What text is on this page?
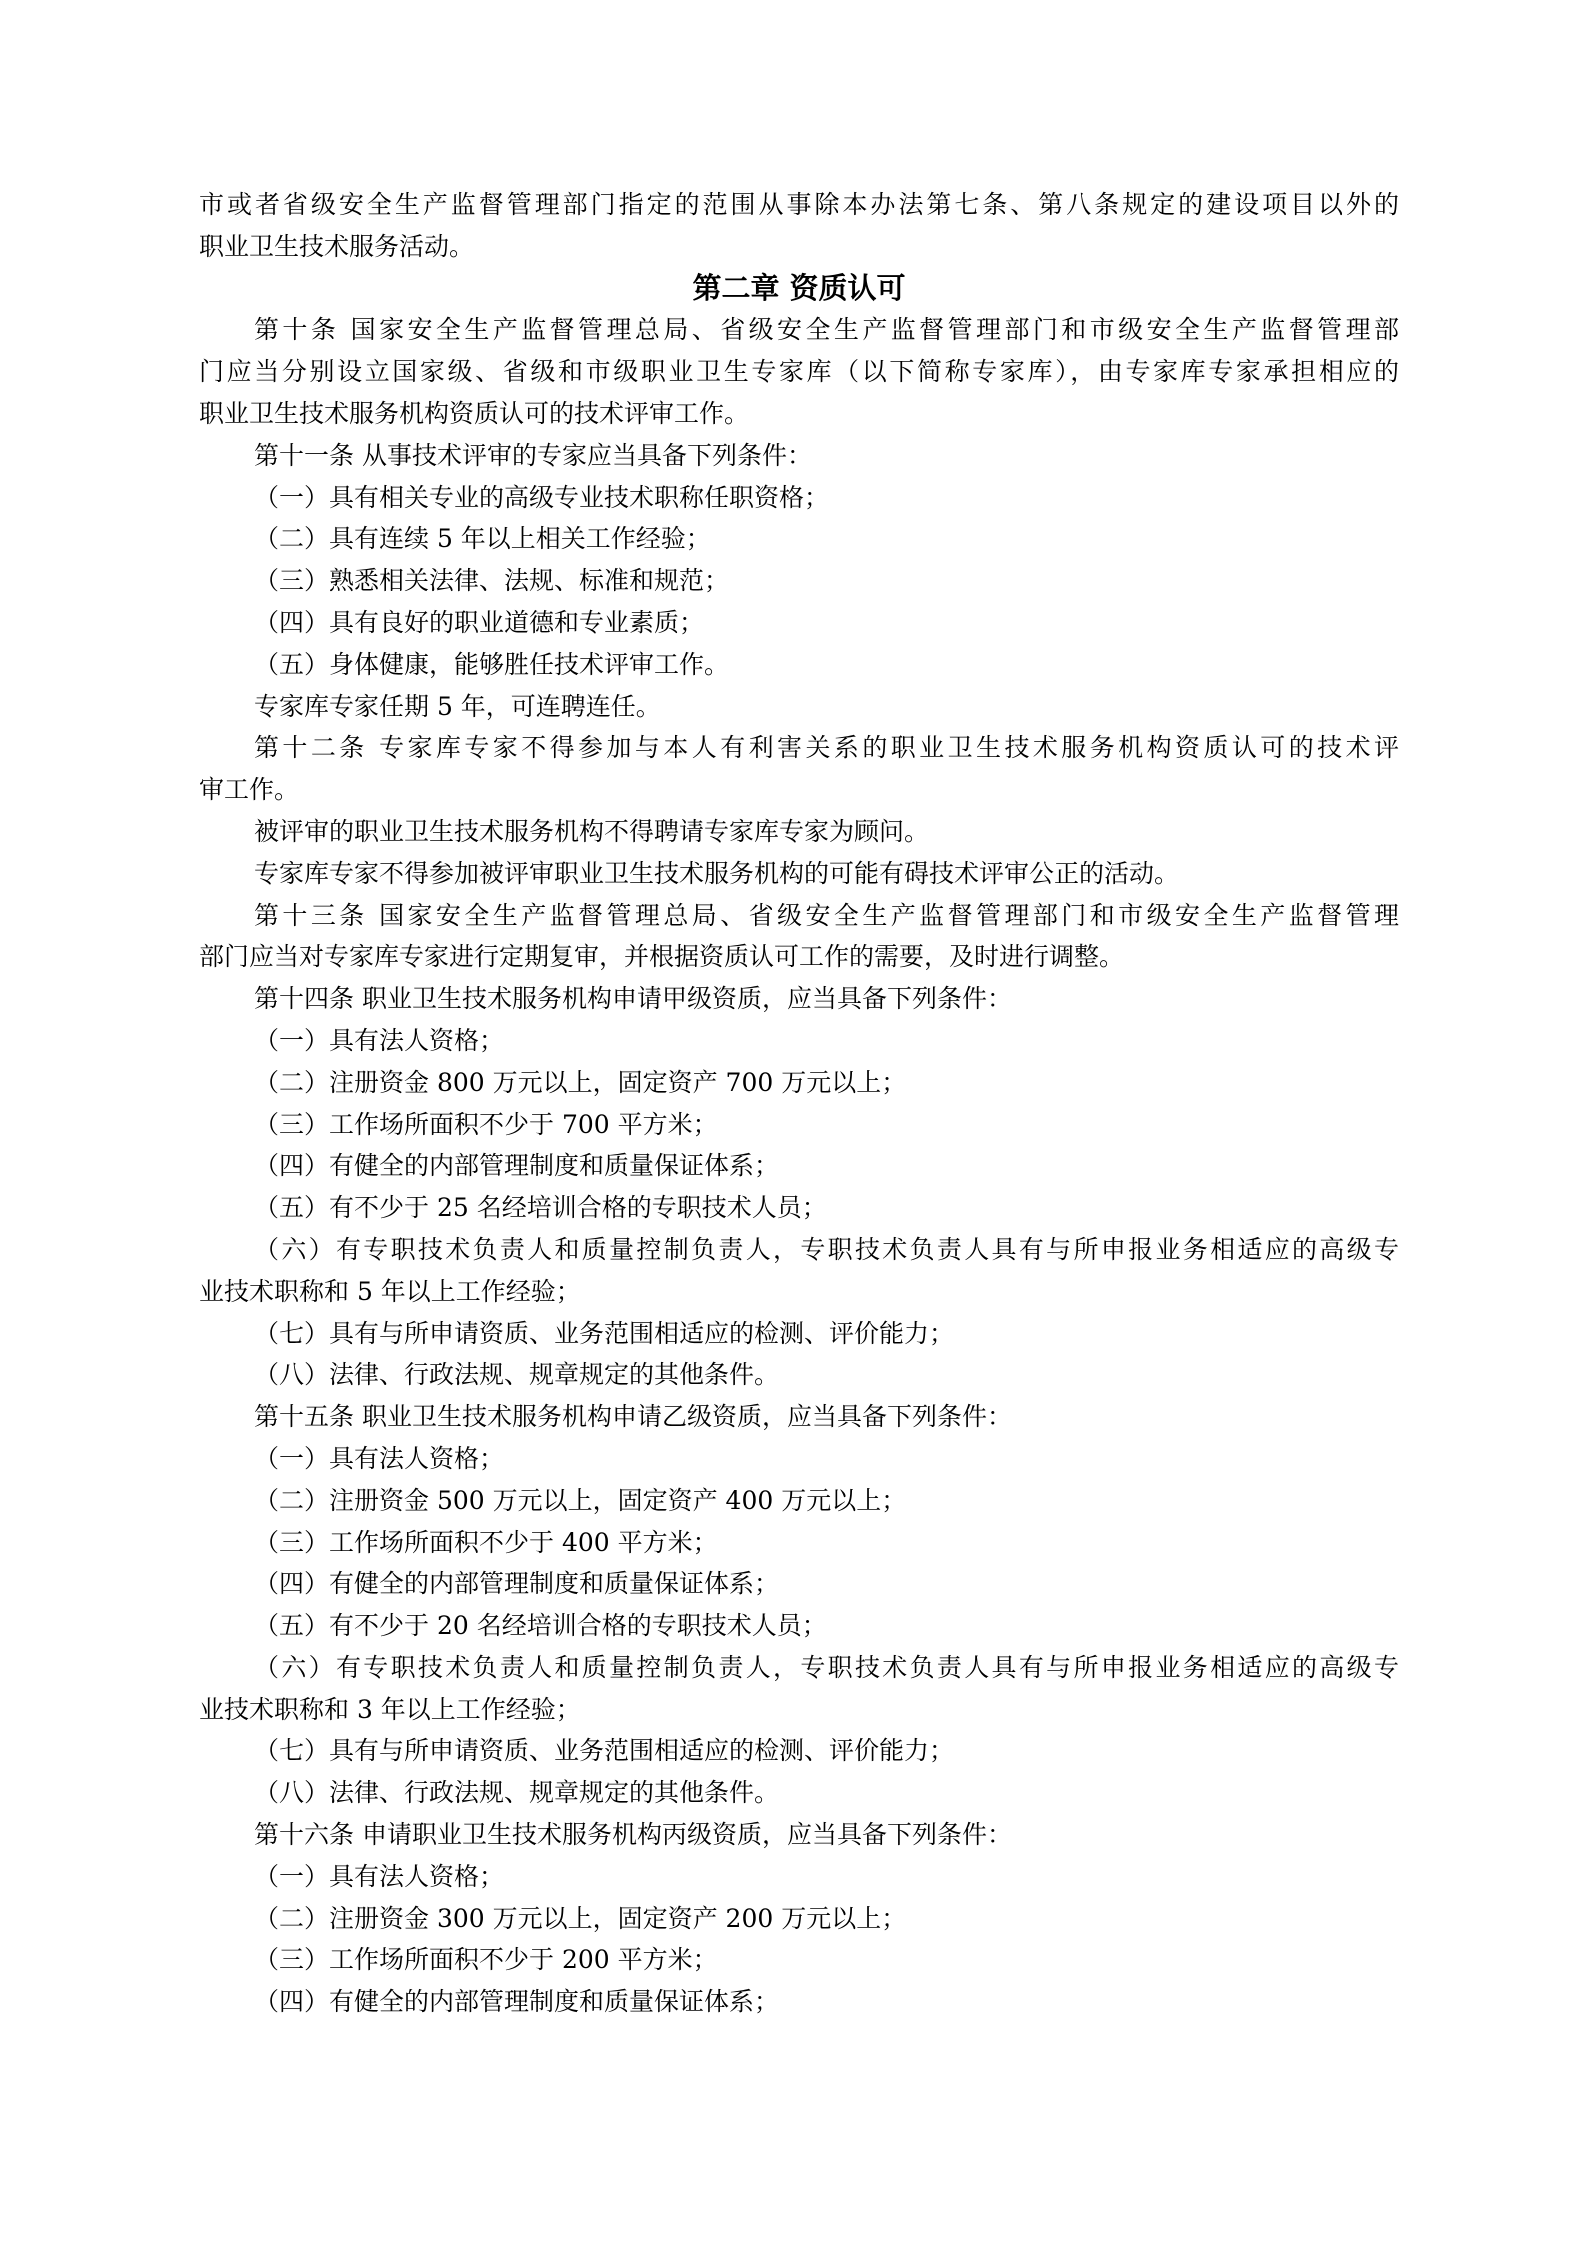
市或者省级安全生产监督管理部门指定的范围从事除本办法第七条、第八条规定的建设项目以外的
职业卫生技术服务活动。
第二章 资质认可
第十条 国家安全生产监督管理总局、省级安全生产监督管理部门和市级安全生产监督管理部
门应当分别设立国家级、省级和市级职业卫生专家库（以下简称专家库），由专家库专家承担相应的
职业卫生技术服务机构资质认可的技术评审工作。
第十一条 从事技术评审的专家应当具备下列条件：
（一）具有相关专业的高级专业技术职称任职资格；
（二）具有连续 5 年以上相关工作经验；
（三）熟悉相关法律、法规、标准和规范；
（四）具有良好的职业道德和专业素质；
（五）身体健康，能够胜任技术评审工作。
专家库专家任期 5 年，可连聘连任。
第十二条 专家库专家不得参加与本人有利害关系的职业卫生技术服务机构资质认可的技术评
审工作。
被评审的职业卫生技术服务机构不得聘请专家库专家为顾问。
专家库专家不得参加被评审职业卫生技术服务机构的可能有碍技术评审公正的活动。
第十三条 国家安全生产监督管理总局、省级安全生产监督管理部门和市级安全生产监督管理
部门应当对专家库专家进行定期复审，并根据资质认可工作的需要，及时进行调整。
第十四条 职业卫生技术服务机构申请甲级资质，应当具备下列条件：
（一）具有法人资格；
（二）注册资金 800 万元以上，固定资产 700 万元以上；
（三）工作场所面积不少于 700 平方米；
（四）有健全的内部管理制度和质量保证体系；
（五）有不少于 25 名经培训合格的专职技术人员；
（六）有专职技术负责人和质量控制负责人，专职技术负责人具有与所申报业务相适应的高级专
业技术职称和 5 年以上工作经验；
（七）具有与所申请资质、业务范围相适应的检测、评价能力；
（八）法律、行政法规、规章规定的其他条件。
第十五条 职业卫生技术服务机构申请乙级资质，应当具备下列条件：
（一）具有法人资格；
（二）注册资金 500 万元以上，固定资产 400 万元以上；
（三）工作场所面积不少于 400 平方米；
（四）有健全的内部管理制度和质量保证体系；
（五）有不少于 20 名经培训合格的专职技术人员；
（六）有专职技术负责人和质量控制负责人，专职技术负责人具有与所申报业务相适应的高级专
业技术职称和 3 年以上工作经验；
（七）具有与所申请资质、业务范围相适应的检测、评价能力；
（八）法律、行政法规、规章规定的其他条件。
第十六条 申请职业卫生技术服务机构丙级资质，应当具备下列条件：
（一）具有法人资格；
（二）注册资金 300 万元以上，固定资产 200 万元以上；
（三）工作场所面积不少于 200 平方米；
（四）有健全的内部管理制度和质量保证体系；
